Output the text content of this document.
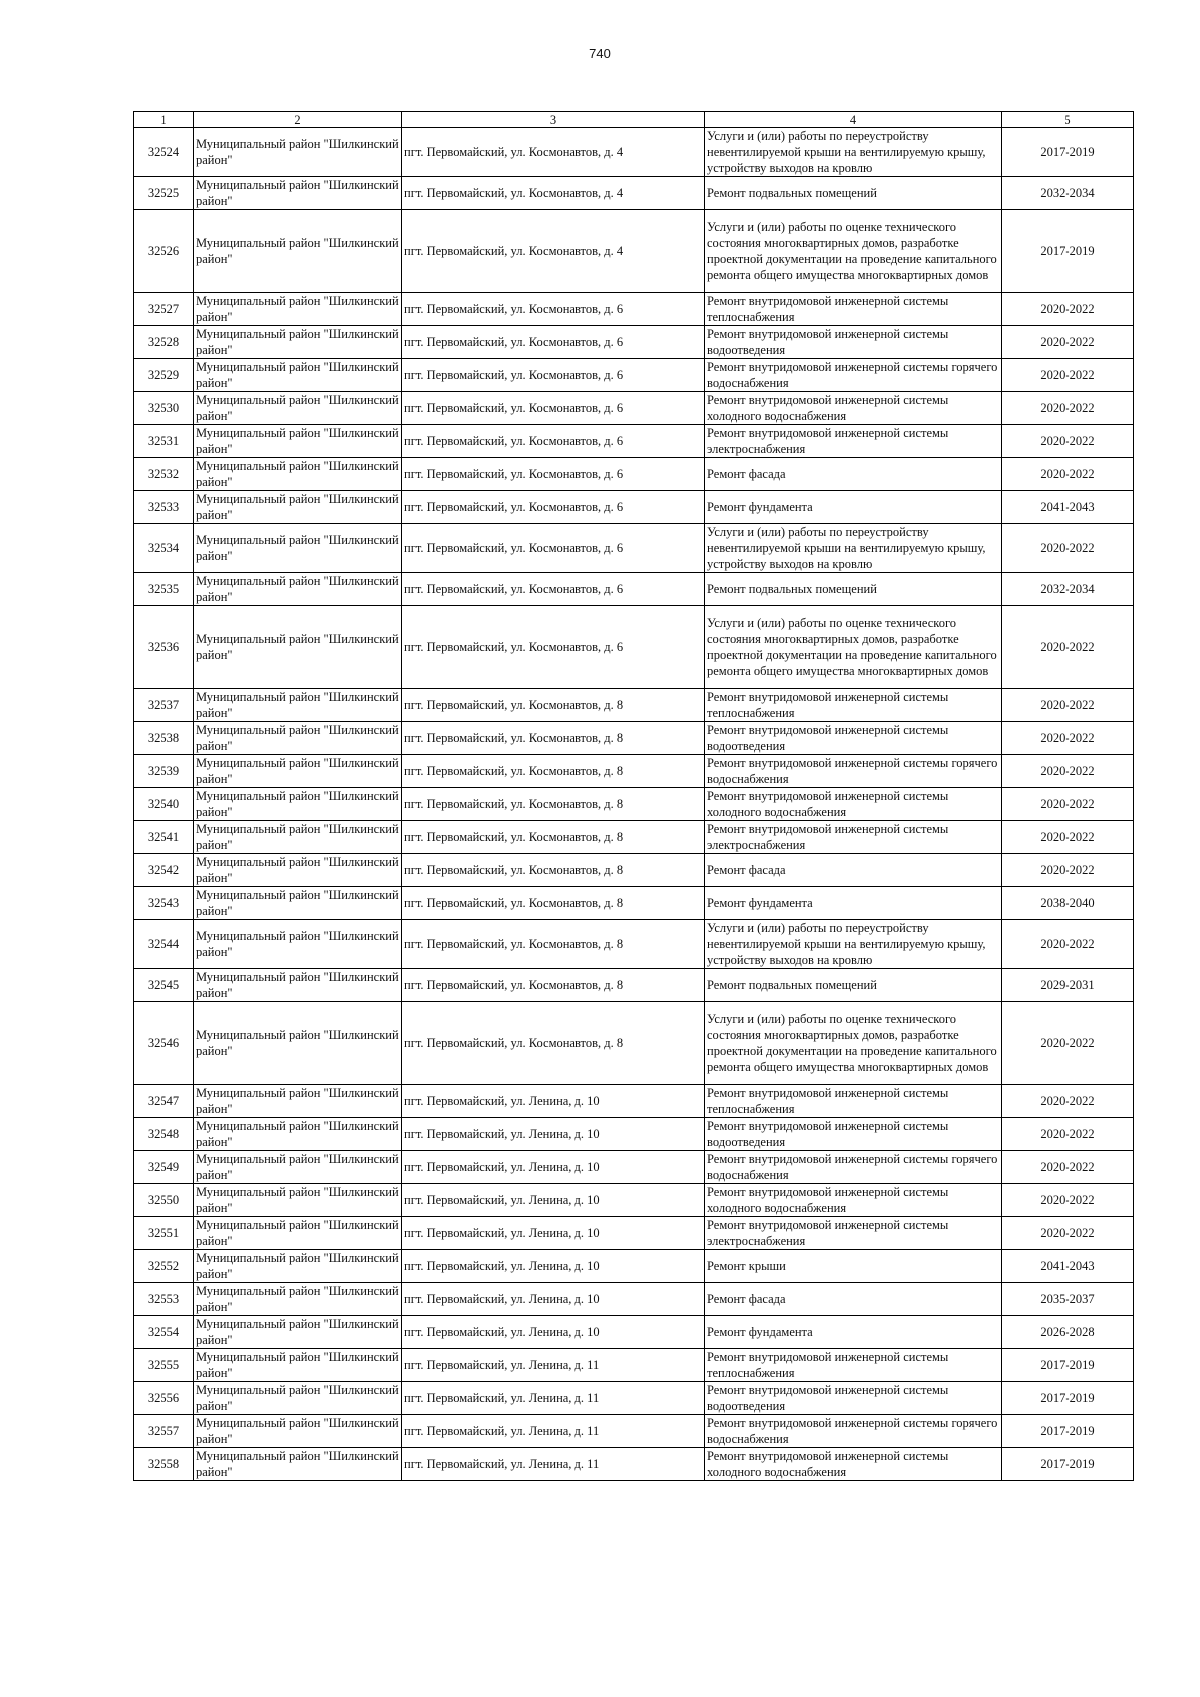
740
1	2	3	4	5
32524	Муниципальный район "Шилкинский район"	пгт. Первомайский, ул. Космонавтов, д. 4	Услуги и (или) работы по переустройству невентилируемой крыши на вентилируемую крышу, устройству выходов на кровлю	2017-2019
32525	Муниципальный район "Шилкинский район"	пгт. Первомайский, ул. Космонавтов, д. 4	Ремонт подвальных помещений	2032-2034
32526	Муниципальный район "Шилкинский район"	пгт. Первомайский, ул. Космонавтов, д. 4	Услуги и (или) работы по оценке технического состояния многоквартирных домов, разработке проектной документации на проведение капитального ремонта общего имущества многоквартирных домов	2017-2019
32527	Муниципальный район "Шилкинский район"	пгт. Первомайский, ул. Космонавтов, д. 6	Ремонт внутридомовой инженерной системы теплоснабжения	2020-2022
32528	Муниципальный район "Шилкинский район"	пгт. Первомайский, ул. Космонавтов, д. 6	Ремонт внутридомовой инженерной системы водоотведения	2020-2022
32529	Муниципальный район "Шилкинский район"	пгт. Первомайский, ул. Космонавтов, д. 6	Ремонт внутридомовой инженерной системы горячего водоснабжения	2020-2022
32530	Муниципальный район "Шилкинский район"	пгт. Первомайский, ул. Космонавтов, д. 6	Ремонт внутридомовой инженерной системы холодного водоснабжения	2020-2022
32531	Муниципальный район "Шилкинский район"	пгт. Первомайский, ул. Космонавтов, д. 6	Ремонт внутридомовой инженерной системы электроснабжения	2020-2022
32532	Муниципальный район "Шилкинский район"	пгт. Первомайский, ул. Космонавтов, д. 6	Ремонт фасада	2020-2022
32533	Муниципальный район "Шилкинский район"	пгт. Первомайский, ул. Космонавтов, д. 6	Ремонт фундамента	2041-2043
32534	Муниципальный район "Шилкинский район"	пгт. Первомайский, ул. Космонавтов, д. 6	Услуги и (или) работы по переустройству невентилируемой крыши на вентилируемую крышу, устройству выходов на кровлю	2020-2022
32535	Муниципальный район "Шилкинский район"	пгт. Первомайский, ул. Космонавтов, д. 6	Ремонт подвальных помещений	2032-2034
32536	Муниципальный район "Шилкинский район"	пгт. Первомайский, ул. Космонавтов, д. 6	Услуги и (или) работы по оценке технического состояния многоквартирных домов, разработке проектной документации на проведение капитального ремонта общего имущества многоквартирных домов	2020-2022
32537	Муниципальный район "Шилкинский район"	пгт. Первомайский, ул. Космонавтов, д. 8	Ремонт внутридомовой инженерной системы теплоснабжения	2020-2022
32538	Муниципальный район "Шилкинский район"	пгт. Первомайский, ул. Космонавтов, д. 8	Ремонт внутридомовой инженерной системы водоотведения	2020-2022
32539	Муниципальный район "Шилкинский район"	пгт. Первомайский, ул. Космонавтов, д. 8	Ремонт внутридомовой инженерной системы горячего водоснабжения	2020-2022
32540	Муниципальный район "Шилкинский район"	пгт. Первомайский, ул. Космонавтов, д. 8	Ремонт внутридомовой инженерной системы холодного водоснабжения	2020-2022
32541	Муниципальный район "Шилкинский район"	пгт. Первомайский, ул. Космонавтов, д. 8	Ремонт внутридомовой инженерной системы электроснабжения	2020-2022
32542	Муниципальный район "Шилкинский район"	пгт. Первомайский, ул. Космонавтов, д. 8	Ремонт фасада	2020-2022
32543	Муниципальный район "Шилкинский район"	пгт. Первомайский, ул. Космонавтов, д. 8	Ремонт фундамента	2038-2040
32544	Муниципальный район "Шилкинский район"	пгт. Первомайский, ул. Космонавтов, д. 8	Услуги и (или) работы по переустройству невентилируемой крыши на вентилируемую крышу, устройству выходов на кровлю	2020-2022
32545	Муниципальный район "Шилкинский район"	пгт. Первомайский, ул. Космонавтов, д. 8	Ремонт подвальных помещений	2029-2031
32546	Муниципальный район "Шилкинский район"	пгт. Первомайский, ул. Космонавтов, д. 8	Услуги и (или) работы по оценке технического состояния многоквартирных домов, разработке проектной документации на проведение капитального ремонта общего имущества многоквартирных домов	2020-2022
32547	Муниципальный район "Шилкинский район"	пгт. Первомайский, ул. Ленина, д. 10	Ремонт внутридомовой инженерной системы теплоснабжения	2020-2022
32548	Муниципальный район "Шилкинский район"	пгт. Первомайский, ул. Ленина, д. 10	Ремонт внутридомовой инженерной системы водоотведения	2020-2022
32549	Муниципальный район "Шилкинский район"	пгт. Первомайский, ул. Ленина, д. 10	Ремонт внутридомовой инженерной системы горячего водоснабжения	2020-2022
32550	Муниципальный район "Шилкинский район"	пгт. Первомайский, ул. Ленина, д. 10	Ремонт внутридомовой инженерной системы холодного водоснабжения	2020-2022
32551	Муниципальный район "Шилкинский район"	пгт. Первомайский, ул. Ленина, д. 10	Ремонт внутридомовой инженерной системы электроснабжения	2020-2022
32552	Муниципальный район "Шилкинский район"	пгт. Первомайский, ул. Ленина, д. 10	Ремонт крыши	2041-2043
32553	Муниципальный район "Шилкинский район"	пгт. Первомайский, ул. Ленина, д. 10	Ремонт фасада	2035-2037
32554	Муниципальный район "Шилкинский район"	пгт. Первомайский, ул. Ленина, д. 10	Ремонт фундамента	2026-2028
32555	Муниципальный район "Шилкинский район"	пгт. Первомайский, ул. Ленина, д. 11	Ремонт внутридомовой инженерной системы теплоснабжения	2017-2019
32556	Муниципальный район "Шилкинский район"	пгт. Первомайский, ул. Ленина, д. 11	Ремонт внутридомовой инженерной системы водоотведения	2017-2019
32557	Муниципальный район "Шилкинский район"	пгт. Первомайский, ул. Ленина, д. 11	Ремонт внутридомовой инженерной системы горячего водоснабжения	2017-2019
32558	Муниципальный район "Шилкинский район"	пгт. Первомайский, ул. Ленина, д. 11	Ремонт внутридомовой инженерной системы холодного водоснабжения	2017-2019
